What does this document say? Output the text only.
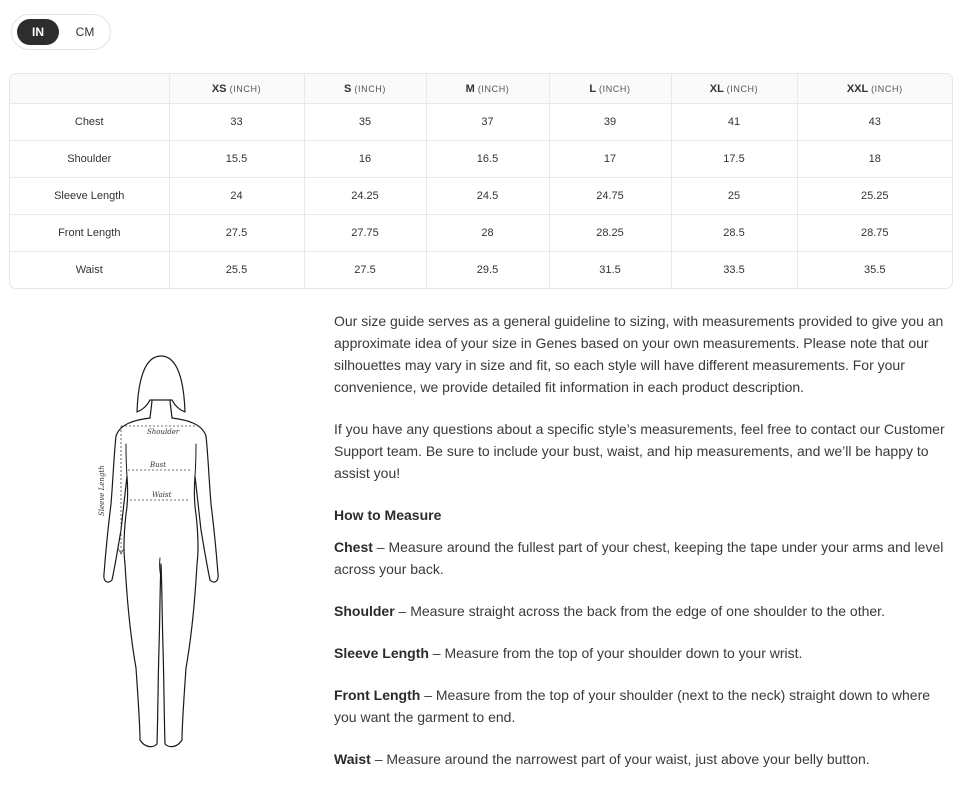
IN	CM
	XS (INCH)	S (INCH)	M (INCH)	L (INCH)	XL (INCH)	XXL (INCH)
Chest	33	35	37	39	41	43
Shoulder	15.5	16	16.5	17	17.5	18
Sleeve Length	24	24.25	24.5	24.75	25	25.25
Front Length	27.5	27.75	28	28.25	28.5	28.75
Waist	25.5	27.5	29.5	31.5	33.5	35.5
Shoulder
Bust
Waist
Sleeve Length

Our size guide serves as a general guideline to sizing, with measurements provided to give you an approximate idea of your size in Genes based on your own measurements. Please note that our silhouettes may vary in size and fit, so each style will have different measurements. For your convenience, we provide detailed fit information in each product description.

If you have any questions about a specific style’s measurements, feel free to contact our Customer Support team. Be sure to include your bust, waist, and hip measurements, and we’ll be happy to assist you!

How to Measure

Chest – Measure around the fullest part of your chest, keeping the tape under your arms and level across your back.

Shoulder – Measure straight across the back from the edge of one shoulder to the other.

Sleeve Length – Measure from the top of your shoulder down to your wrist.

Front Length – Measure from the top of your shoulder (next to the neck) straight down to where you want the garment to end.

Waist – Measure around the narrowest part of your waist, just above your belly button.
